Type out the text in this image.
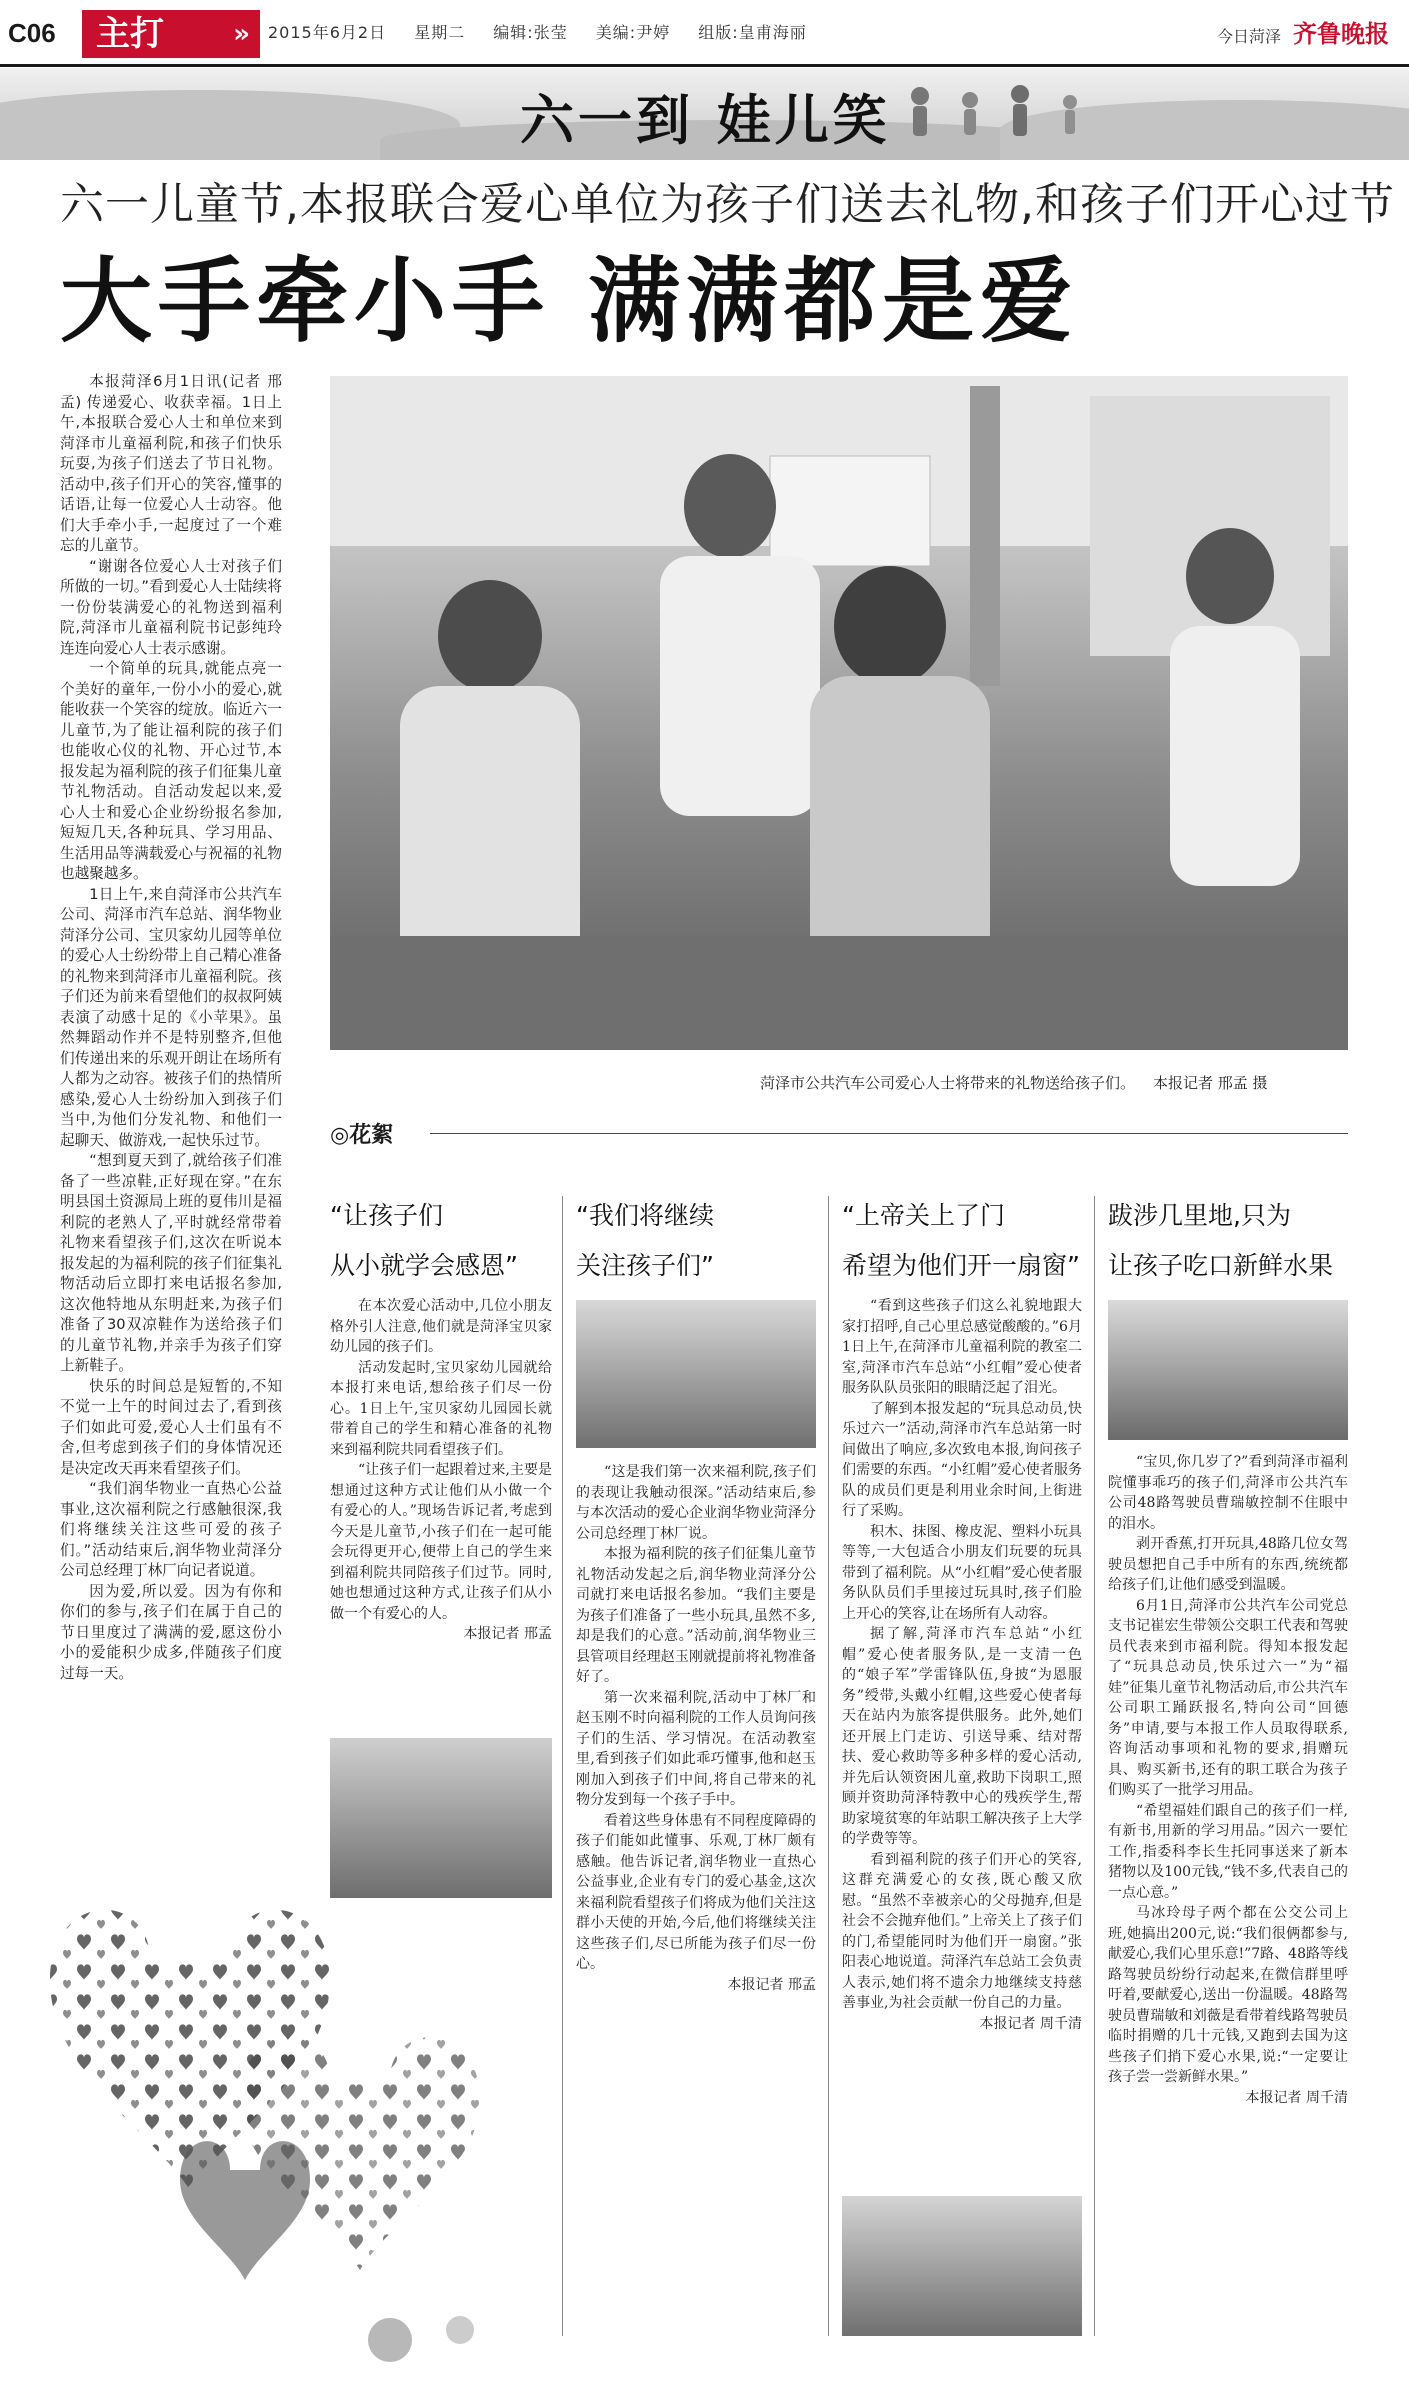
C06	主打	» 2015年6月2日 星期二 编辑:张莹 美编:尹婷 组版:皇甫海丽	今日菏泽 齐鲁晚报
六一到 娃儿笑
六一儿童节,本报联合爱心单位为孩子们送去礼物,和孩子们开心过节
大手牵小手 满满都是爱

本报菏泽6月1日讯(记者 邢孟) 传递爱心、收获幸福。1日上午,本报联合爱心人士和单位来到菏泽市儿童福利院,和孩子们快乐玩耍,为孩子们送去了节日礼物。活动中,孩子们开心的笑容,懂事的话语,让每一位爱心人士动容。他们大手牵小手,一起度过了一个难忘的儿童节。

“谢谢各位爱心人士对孩子们所做的一切。”看到爱心人士陆续将一份份装满爱心的礼物送到福利院,菏泽市儿童福利院书记彭纯玲连连向爱心人士表示感谢。

一个简单的玩具,就能点亮一个美好的童年,一份小小的爱心,就能收获一个笑容的绽放。临近六一儿童节,为了能让福利院的孩子们也能收心仪的礼物、开心过节,本报发起为福利院的孩子们征集儿童节礼物活动。自活动发起以来,爱心人士和爱心企业纷纷报名参加,短短几天,各种玩具、学习用品、生活用品等满载爱心与祝福的礼物也越聚越多。

1日上午,来自菏泽市公共汽车公司、菏泽市汽车总站、润华物业菏泽分公司、宝贝家幼儿园等单位的爱心人士纷纷带上自己精心准备的礼物来到菏泽市儿童福利院。孩子们还为前来看望他们的叔叔阿姨表演了动感十足的《小苹果》。虽然舞蹈动作并不是特别整齐,但他们传递出来的乐观开朗让在场所有人都为之动容。被孩子们的热情所感染,爱心人士纷纷加入到孩子们当中,为他们分发礼物、和他们一起聊天、做游戏,一起快乐过节。

“想到夏天到了,就给孩子们准备了一些凉鞋,正好现在穿。”在东明县国土资源局上班的夏伟川是福利院的老熟人了,平时就经常带着礼物来看望孩子们,这次在听说本报发起的为福利院的孩子们征集礼物活动后立即打来电话报名参加,这次他特地从东明赶来,为孩子们准备了30双凉鞋作为送给孩子们的儿童节礼物,并亲手为孩子们穿上新鞋子。

快乐的时间总是短暂的,不知不觉一上午的时间过去了,看到孩子们如此可爱,爱心人士们虽有不舍,但考虑到孩子们的身体情况还是决定改天再来看望孩子们。

“我们润华物业一直热心公益事业,这次福利院之行感触很深,我们将继续关注这些可爱的孩子们。”活动结束后,润华物业菏泽分公司总经理丁林厂向记者说道。

因为爱,所以爱。因为有你和你们的参与,孩子们在属于自己的节日里度过了满满的爱,愿这份小小的爱能积少成多,伴随孩子们度过每一天。

菏泽市公共汽车公司爱心人士将带来的礼物送给孩子们。 本报记者 邢孟 摄
◎花絮
“让孩子们
从小就学会感恩”

在本次爱心活动中,几位小朋友格外引人注意,他们就是菏泽宝贝家幼儿园的孩子们。

活动发起时,宝贝家幼儿园就给本报打来电话,想给孩子们尽一份心。1日上午,宝贝家幼儿园园长就带着自己的学生和精心准备的礼物来到福利院共同看望孩子们。

“让孩子们一起跟着过来,主要是想通过这种方式让他们从小做一个有爱心的人。”现场告诉记者,考虑到今天是儿童节,小孩子们在一起可能会玩得更开心,便带上自己的学生来到福利院共同陪孩子们过节。同时,她也想通过这种方式,让孩子们从小做一个有爱心的人。

本报记者 邢孟

“我们将继续
关注孩子们”

“这是我们第一次来福利院,孩子们的表现让我触动很深。”活动结束后,参与本次活动的爱心企业润华物业菏泽分公司总经理丁林厂说。

本报为福利院的孩子们征集儿童节礼物活动发起之后,润华物业菏泽分公司就打来电话报名参加。“我们主要是为孩子们准备了一些小玩具,虽然不多,却是我们的心意。”活动前,润华物业三县管项目经理赵玉刚就提前将礼物准备好了。

第一次来福利院,活动中丁林厂和赵玉刚不时向福利院的工作人员询问孩子们的生活、学习情况。在活动教室里,看到孩子们如此乖巧懂事,他和赵玉刚加入到孩子们中间,将自己带来的礼物分发到每一个孩子手中。

看着这些身体患有不同程度障碍的孩子们能如此懂事、乐观,丁林厂颇有感触。他告诉记者,润华物业一直热心公益事业,企业有专门的爱心基金,这次来福利院看望孩子们将成为他们关注这群小天使的开始,今后,他们将继续关注这些孩子们,尽已所能为孩子们尽一份心。

本报记者 邢孟

“上帝关上了门
希望为他们开一扇窗”

“看到这些孩子们这么礼貌地跟大家打招呼,自己心里总感觉酸酸的。”6月1日上午,在菏泽市儿童福利院的教室二室,菏泽市汽车总站“小红帽”爱心使者服务队队员张阳的眼睛泛起了泪光。

了解到本报发起的“玩具总动员,快乐过六一”活动,菏泽市汽车总站第一时间做出了响应,多次致电本报,询问孩子们需要的东西。“小红帽”爱心使者服务队的成员们更是利用业余时间,上街进行了采购。

积木、抹图、橡皮泥、塑料小玩具等等,一大包适合小朋友们玩要的玩具带到了福利院。从“小红帽”爱心使者服务队队员们手里接过玩具时,孩子们脸上开心的笑容,让在场所有人动容。

据了解,菏泽市汽车总站“小红帽”爱心使者服务队,是一支清一色的“娘子军”学雷锋队伍,身披“为恩服务”绶带,头戴小红帽,这些爱心使者每天在站内为旅客提供服务。此外,她们还开展上门走访、引送导乘、结对帮扶、爱心救助等多种多样的爱心活动,并先后认领资困儿童,救助下岗职工,照顾并资助菏泽特教中心的残疾学生,帮助家境贫寒的年站职工解决孩子上大学的学费等等。

看到福利院的孩子们开心的笑容,这群充满爱心的女孩,既心酸又欣慰。“虽然不幸被亲心的父母抛弃,但是社会不会抛弃他们。”上帝关上了孩子们的门,希望能同时为他们开一扇窗。”张阳表心地说道。菏泽汽车总站工会负责人表示,她们将不遗余力地继续支持慈善事业,为社会贡献一份自己的力量。

本报记者 周千清

跋涉几里地,只为
让孩子吃口新鲜水果

“宝贝,你几岁了?”看到菏泽市福利院懂事乖巧的孩子们,菏泽市公共汽车公司48路驾驶员曹瑞敏控制不住眼中的泪水。

剥开香蕉,打开玩具,48路几位女驾驶员想把自己手中所有的东西,统统都给孩子们,让他们感受到温暖。

6月1日,菏泽市公共汽车公司党总支书记崔宏生带领公交职工代表和驾驶员代表来到市福利院。得知本报发起了“玩具总动员,快乐过六一”为“福娃”征集儿童节礼物活动后,市公共汽车公司职工踊跃报名,特向公司“回德务”申请,要与本报工作人员取得联系,咨询活动事项和礼物的要求,捐赠玩具、购买新书,还有的职工联合为孩子们购买了一批学习用品。

“希望福娃们跟自己的孩子们一样,有新书,用新的学习用品。”因六一要忙工作,指委科李长生托同事送来了新本猪物以及100元钱,“钱不多,代表自己的一点心意。”

马冰玲母子两个都在公交公司上班,她搞出200元,说:“我们很俩都参与,献爱心,我们心里乐意!”7路、48路等线路驾驶员纷纷行动起来,在微信群里呼吁着,要献爱心,送出一份温暖。48路驾驶员曹瑞敏和刘薇是看带着线路驾驶员临时捐赠的几十元钱,又跑到去国为这些孩子们捎下爱心水果,说:“一定要让孩子尝一尝新鲜水果。”

本报记者 周千清
